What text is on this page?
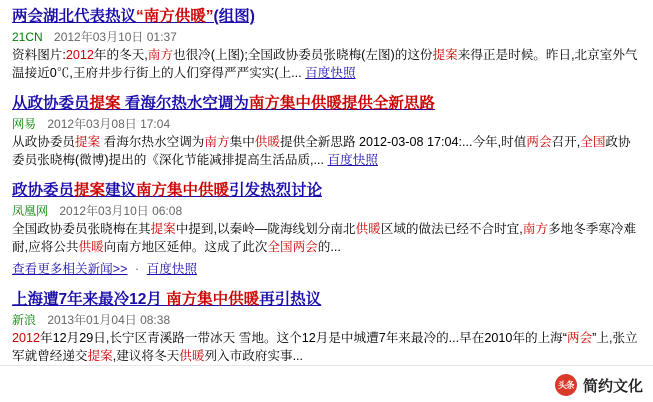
两会湖北代表热议“南方供暖”(组图)
21CN 2012年03月10日 01:37
资料图片:2012年的冬天,南方也很冷(上图);全国政协委员张晓梅(左图)的这份提案来得正是时候。昨日,北京室外气温接近0℃,王府井步行街上的人们穿得严严实实(上... 百度快照
从政协委员提案 看海尔热水空调为南方集中供暖提供全新思路
网易 2012年03月08日 17:04
从政协委员提案 看海尔热水空调为南方集中供暖提供全新思路 2012-03-08 17:04:...今年,时值两会召开,全国政协委员张晓梅(微博)提出的《深化节能减排提高生活品质,... 百度快照
政协委员提案建议南方集中供暖引发热烈讨论
凤凰网 2012年03月10日 06:08
全国政协委员张晓梅在其提案中提到,以秦岭—陇海线划分南北供暖区域的做法已经不合时宜,南方多地冬季寒冷难耐,应将公共供暖向南方地区延伸。这成了此次全国两会的...
查看更多相关新闻>> · 百度快照
上海遭7年来最冷12月 南方集中供暖再引热议
新浪 2013年01月04日 08:38
2012年12月29日,长宁区青溪路一带冰天 雪地。这个12月是中城遭7年来最冷的...早在2010年的上海“两会”上,张立军就曾经递交提案,建议将冬天供暖列入市政府实事...
头条 简约文化
